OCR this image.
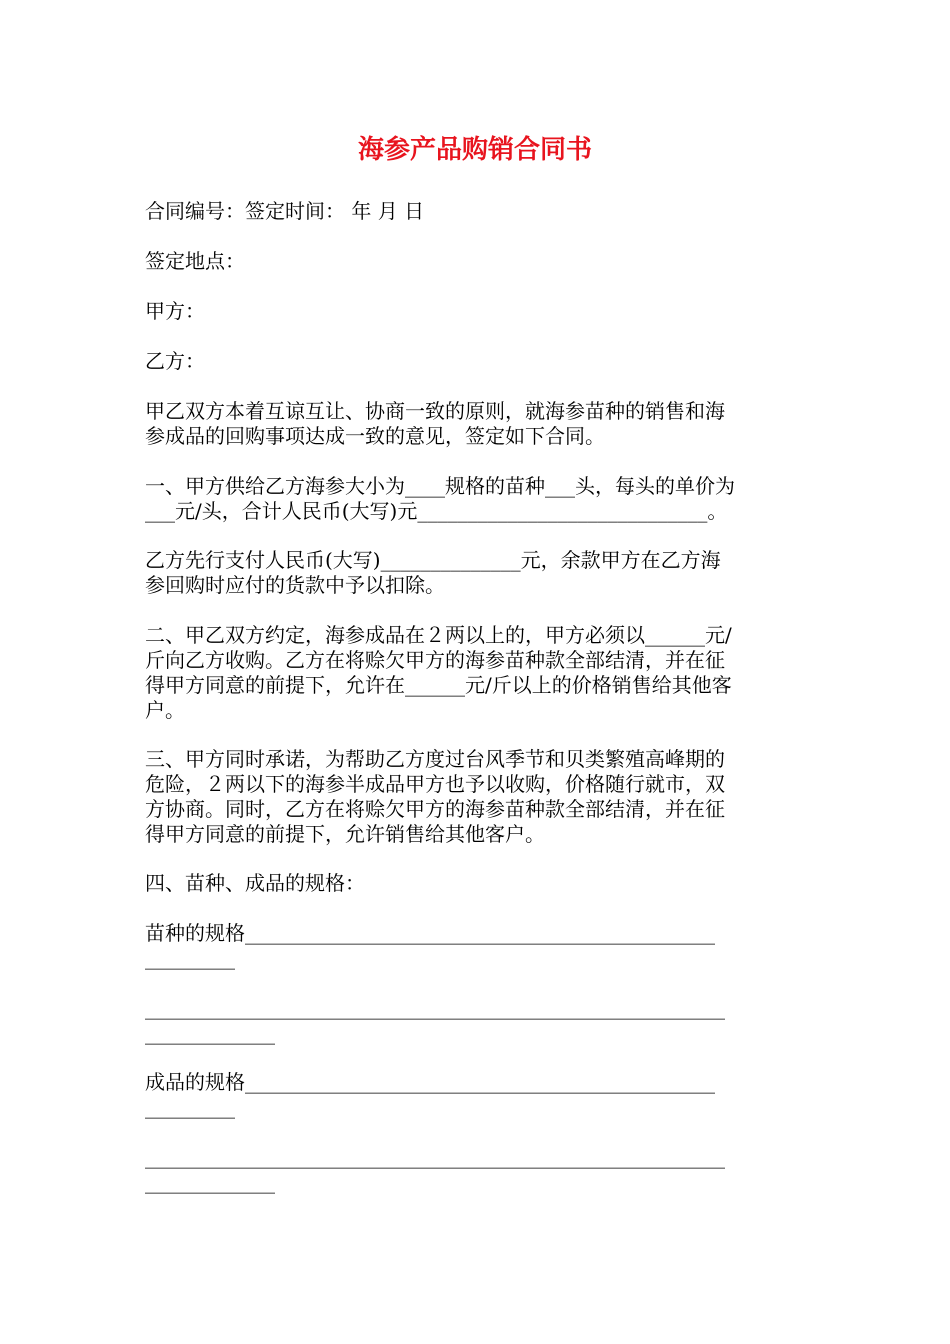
海参产品购销合同书

合同编号：签定时间： 年 月 日

签定地点：

甲方：

乙方：

甲乙双方本着互谅互让、协商一致的原则，就海参苗种的销售和海
参成品的回购事项达成一致的意见，签定如下合同。

一、甲方供给乙方海参大小为____规格的苗种___头，每头的单价为
___元/头，合计人民币(大写)元_____________________________。

乙方先行支付人民币(大写)______________元，余款甲方在乙方海
参回购时应付的货款中予以扣除。

二、甲乙双方约定，海参成品在２两以上的，甲方必须以______元/
斤向乙方收购。乙方在将赊欠甲方的海参苗种款全部结清，并在征
得甲方同意的前提下，允许在______元/斤以上的价格销售给其他客
户。

三、甲方同时承诺，为帮助乙方度过台风季节和贝类繁殖高峰期的
危险，２两以下的海参半成品甲方也予以收购，价格随行就市，双
方协商。同时，乙方在将赊欠甲方的海参苗种款全部结清，并在征
得甲方同意的前提下，允许销售给其他客户。

四、苗种、成品的规格：

苗种的规格_______________________________________________
_________

__________________________________________________________
_____________

成品的规格_______________________________________________
_________

__________________________________________________________
_____________
